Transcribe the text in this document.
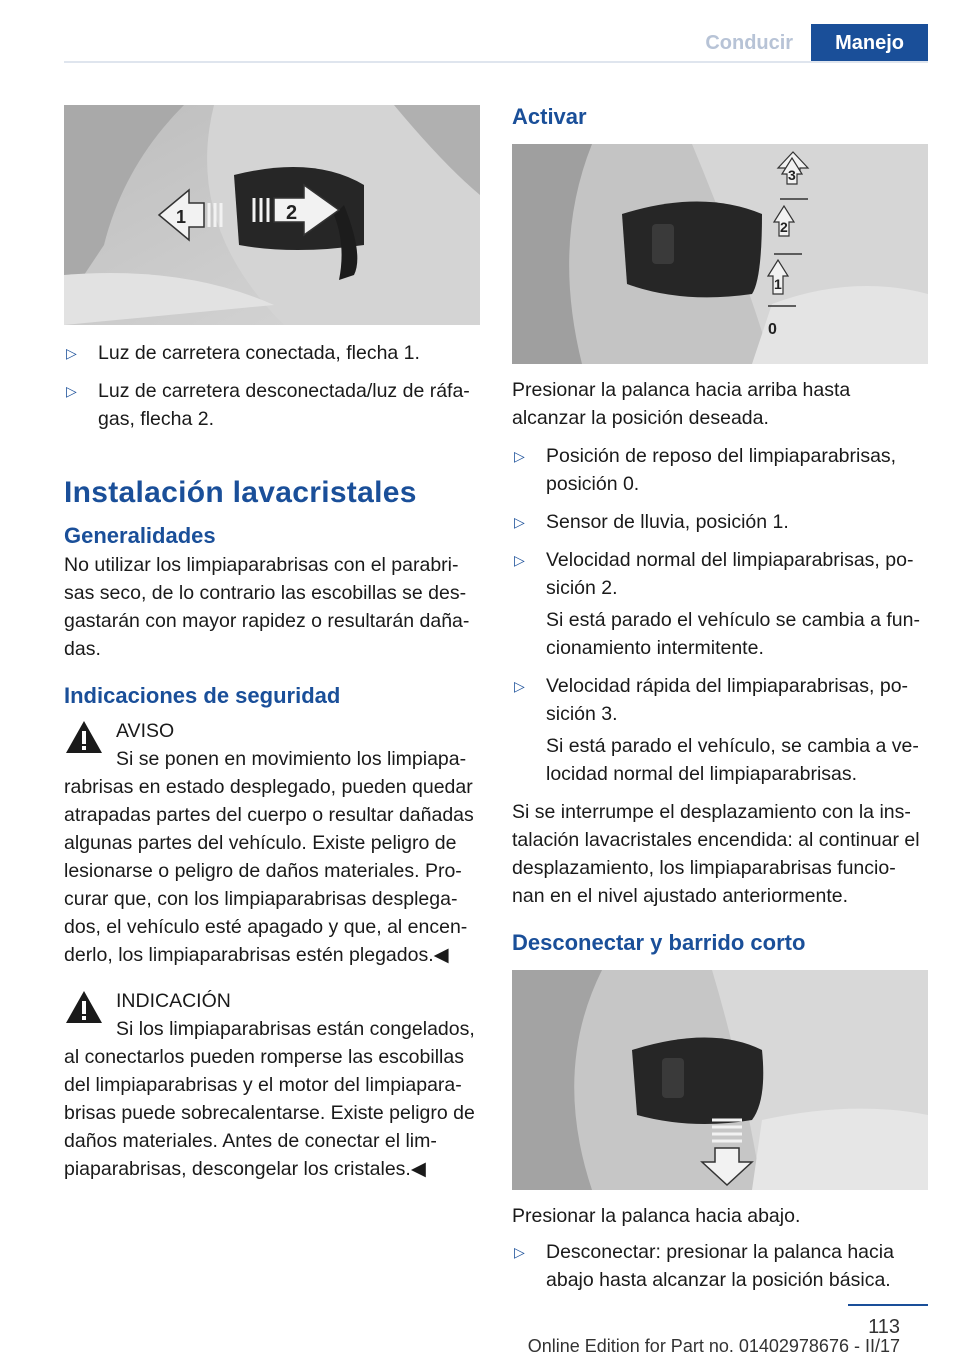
Conducir	Manejo
1	2
▷	Luz de carretera conectada, flecha 1.
▷	Luz de carretera desconectada/luz de ráfa‐ gas, flecha 2.
Instalación lavacristales
Generalidades

No utilizar los limpiaparabrisas con el parabri‐ sas seco, de lo contrario las escobillas se des‐ gastarán con mayor rapidez o resultarán daña‐ das.

Indicaciones de seguridad
AVISO
Si se ponen en movimiento los limpiapa‐ rabrisas en estado desplegado, pueden quedar atrapadas partes del cuerpo o resultar dañadas algunas partes del vehículo. Existe peligro de lesionarse o peligro de daños materiales. Pro‐ curar que, con los limpiaparabrisas desplega‐ dos, el vehículo esté apagado y que, al encen‐ derlo, los limpiaparabrisas estén plegados.◀
INDICACIÓN
Si los limpiaparabrisas están congelados, al conectarlos pueden romperse las escobillas del limpiaparabrisas y el motor del limpiapara‐ brisas puede sobrecalentarse. Existe peligro de daños materiales. Antes de conectar el lim‐ piaparabrisas, descongelar los cristales.◀
Activar
3
2
1
0

Presionar la palanca hacia arriba hasta alcanzar la posición deseada.

▷	Posición de reposo del limpiaparabrisas, posición 0.
▷	Sensor de lluvia, posición 1.
▷	Velocidad normal del limpiaparabrisas, po‐ sición 2.
Si está parado el vehículo se cambia a fun‐ cionamiento intermitente.
▷	Velocidad rápida del limpiaparabrisas, po‐ sición 3.
Si está parado el vehículo, se cambia a ve‐ locidad normal del limpiaparabrisas.

Si se interrumpe el desplazamiento con la ins‐ talación lavacristales encendida: al continuar el desplazamiento, los limpiaparabrisas funcio‐ nan en el nivel ajustado anteriormente.

Desconectar y barrido corto

Presionar la palanca hacia abajo.

▷	Desconectar: presionar la palanca hacia abajo hasta alcanzar la posición básica.
113
Online Edition for Part no. 01402978676 - II/17
